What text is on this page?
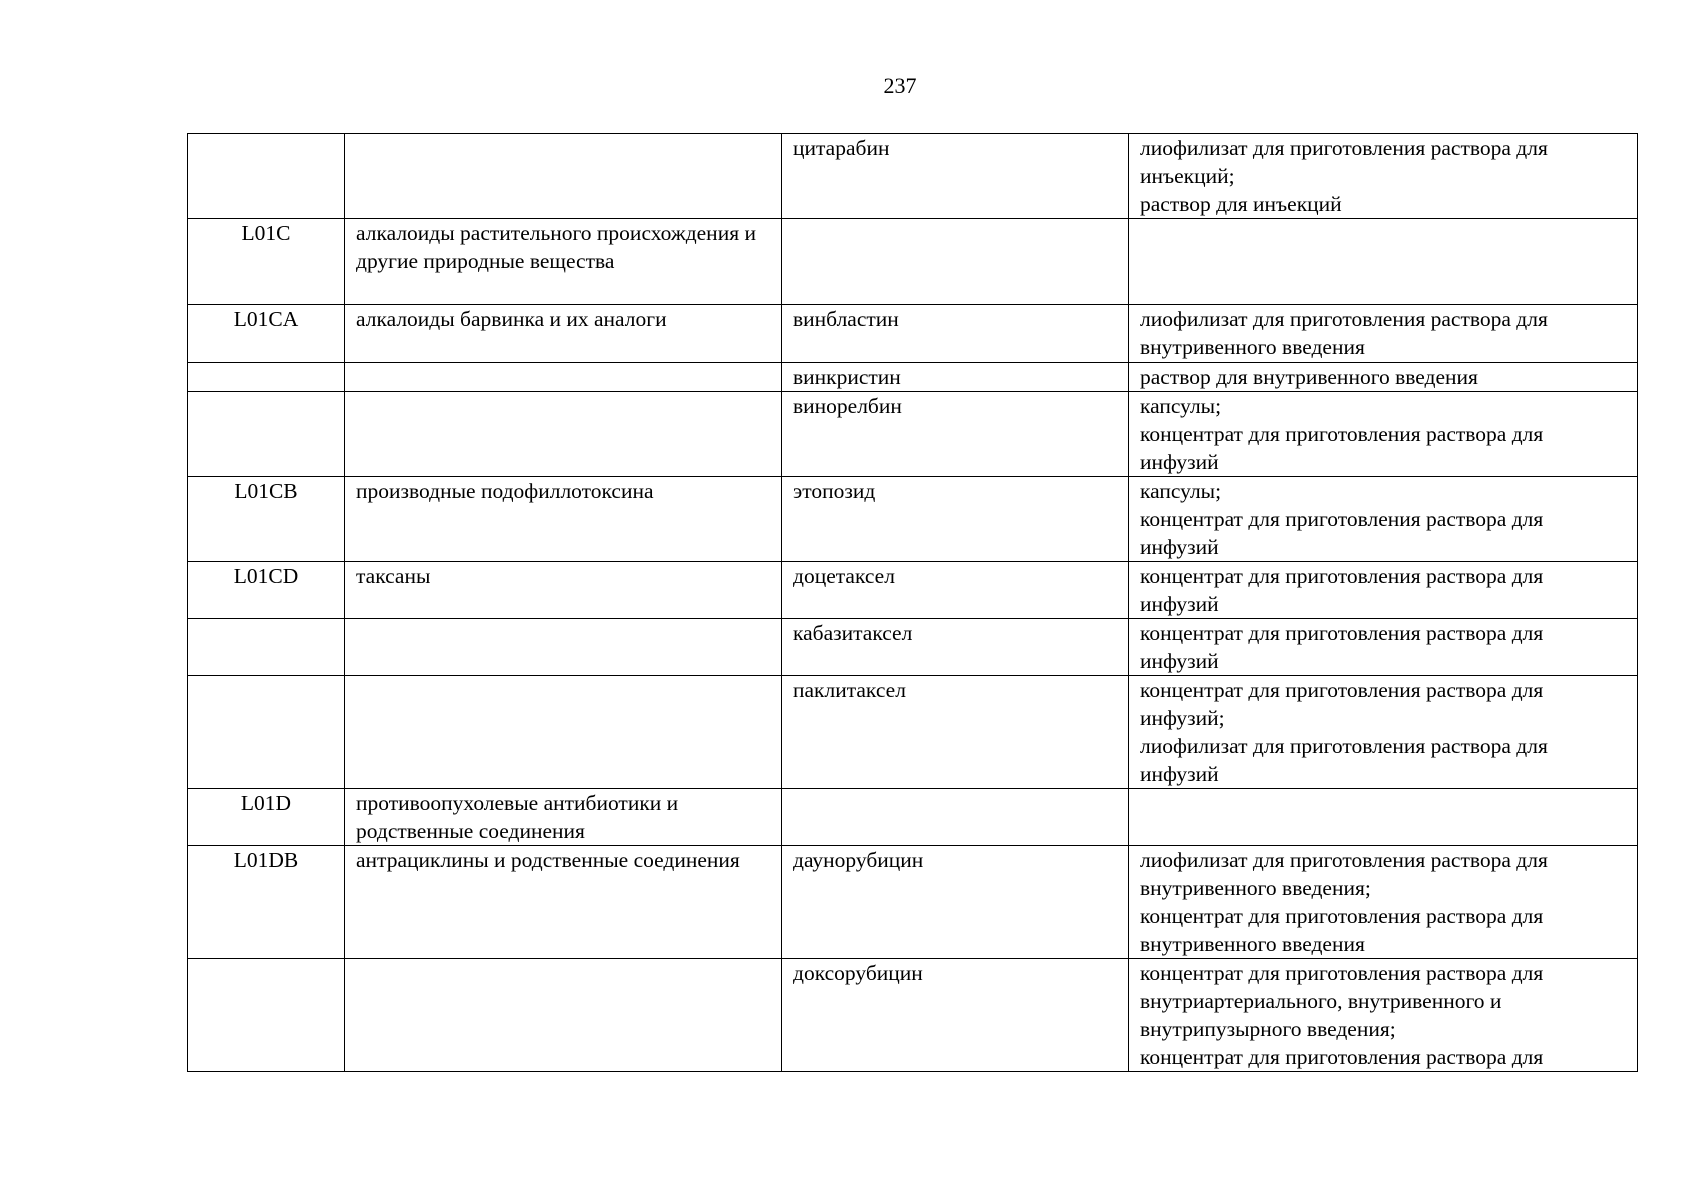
237
		цитарабин	лиофилизат для приготовления раствора для инъекций;
раствор для инъекций
L01C	алкалоиды растительного происхождения и другие природные вещества		
L01CA	алкалоиды барвинка и их аналоги	винбластин	лиофилизат для приготовления раствора для внутривенного введения
		винкристин	раствор для внутривенного введения
		винорелбин	капсулы;
концентрат для приготовления раствора для инфузий
L01CB	производные подофиллотоксина	этопозид	капсулы;
концентрат для приготовления раствора для инфузий
L01CD	таксаны	доцетаксел	концентрат для приготовления раствора для инфузий
		кабазитаксел	концентрат для приготовления раствора для инфузий
		паклитаксел	концентрат для приготовления раствора для инфузий;
лиофилизат для приготовления раствора для инфузий
L01D	противоопухолевые антибиотики и родственные соединения		
L01DB	антрациклины и родственные соединения	даунорубицин	лиофилизат для приготовления раствора для внутривенного введения;
концентрат для приготовления раствора для внутривенного введения
		доксорубицин	концентрат для приготовления раствора для внутриартериального, внутривенного и внутрипузырного введения;
концентрат для приготовления раствора для
